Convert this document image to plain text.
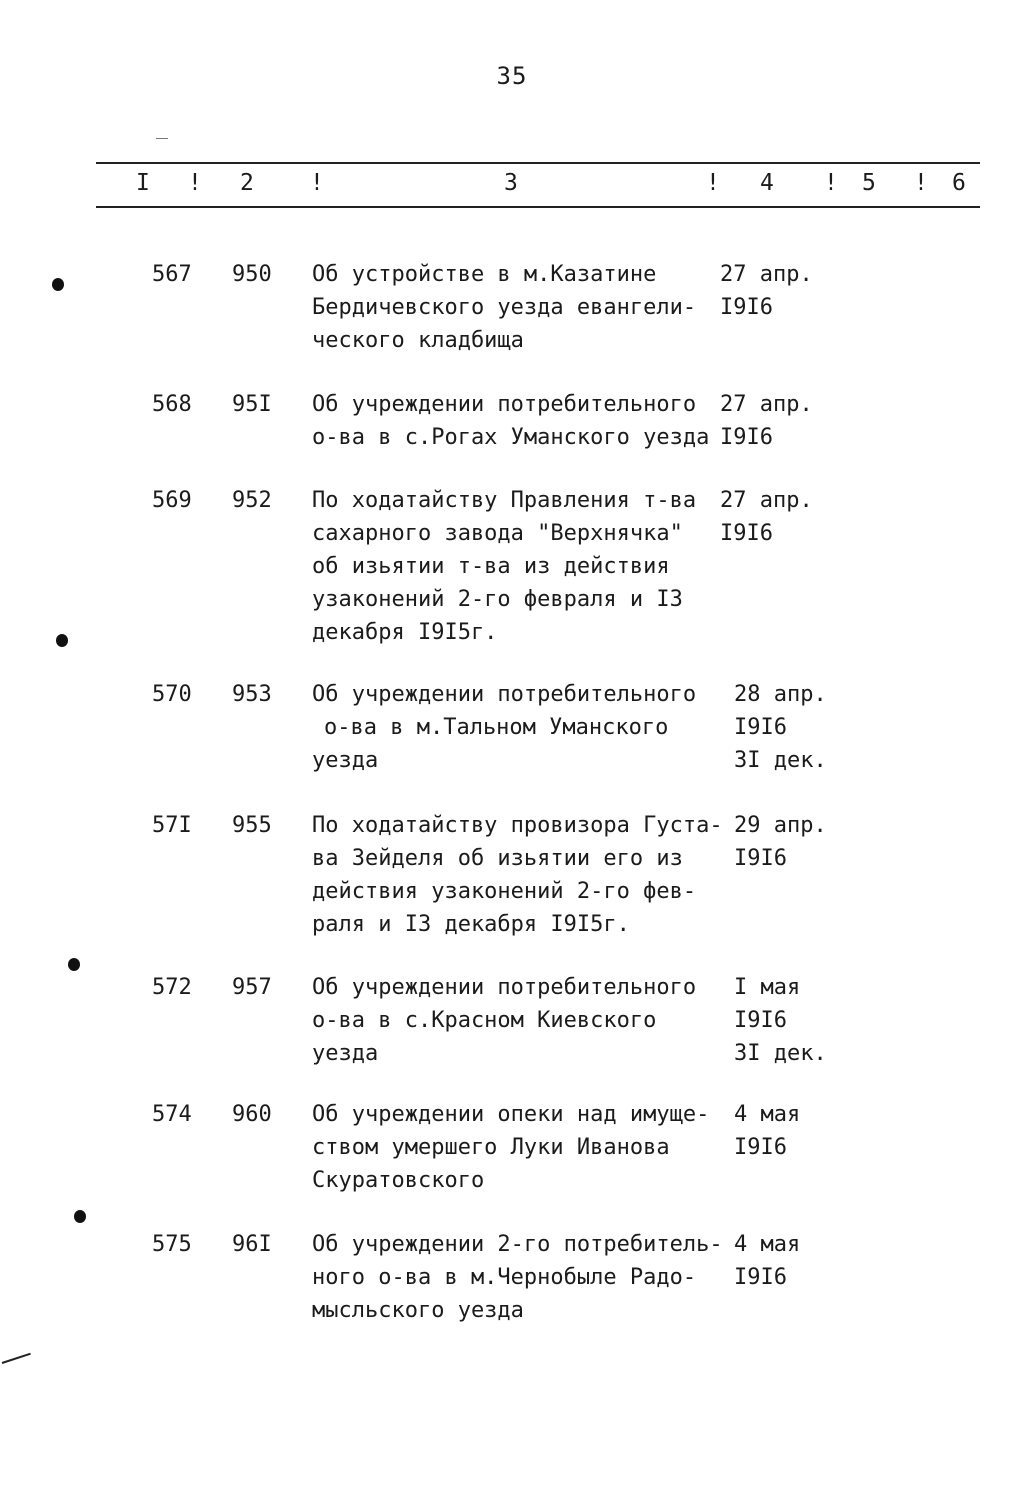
35
I ! 2 !	3	! 4 ! 5 ! 6
567 950 Об устройстве в м.Казатине
Бердичевского уезда евангели-
ческого кладбища
27 апр.
I9I6
568 95I Об учреждении потребительного
о-ва в с.Рогах Уманского уезда
27 апр.
I9I6
569 952 По ходатайству Правления т-ва
сахарного завода "Верхнячка"
об изьятии т-ва из действия
узаконений 2-го февраля и I3
декабря I9I5г.
27 апр.
I9I6
570 953 Об учреждении потребительного
о-ва в м.Тальном Уманского
уезда
28 апр.
I9I6
3I дек.
57I 955 По ходатайству провизора Густа-
ва Зейделя об изьятии его из
действия узаконений 2-го фев-
раля и I3 декабря I9I5г.
29 апр.
I9I6
572 957 Об учреждении потребительного
о-ва в с.Красном Киевского
уезда
I мая
I9I6
3I дек.
574 960 Об учреждении опеки над имуще-
ством умершего Луки Иванова
Скуратовского
4 мая
I9I6
575 96I Об учреждении 2-го потребитель-
ного о-ва в м.Чернобыле Радо-
мысльского уезда
4 мая
I9I6
